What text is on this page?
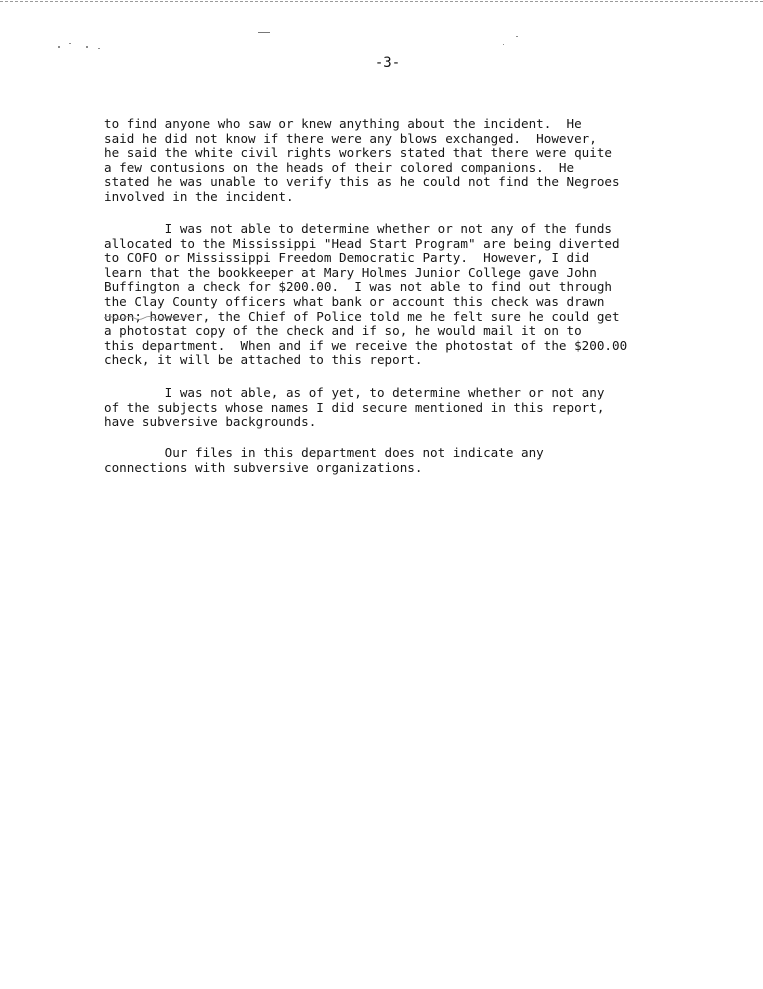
-3-

to find anyone who saw or knew anything about the incident.  He
said he did not know if there were any blows exchanged.  However,
he said the white civil rights workers stated that there were quite
a few contusions on the heads of their colored companions.  He
stated he was unable to verify this as he could not find the Negroes
involved in the incident.

I was not able to determine whether or not any of the funds
allocated to the Mississippi "Head Start Program" are being diverted
to COFO or Mississippi Freedom Democratic Party.  However, I did
learn that the bookkeeper at Mary Holmes Junior College gave John
Buffington a check for $200.00.  I was not able to find out through
the Clay County officers what bank or account this check was drawn
upon; however, the Chief of Police told me he felt sure he could get
a photostat copy of the check and if so, he would mail it on to
this department.  When and if we receive the photostat of the $200.00
check, it will be attached to this report.

I was not able, as of yet, to determine whether or not any
of the subjects whose names I did secure mentioned in this report,
have subversive backgrounds.

Our files in this department does not indicate any
connections with subversive organizations.
